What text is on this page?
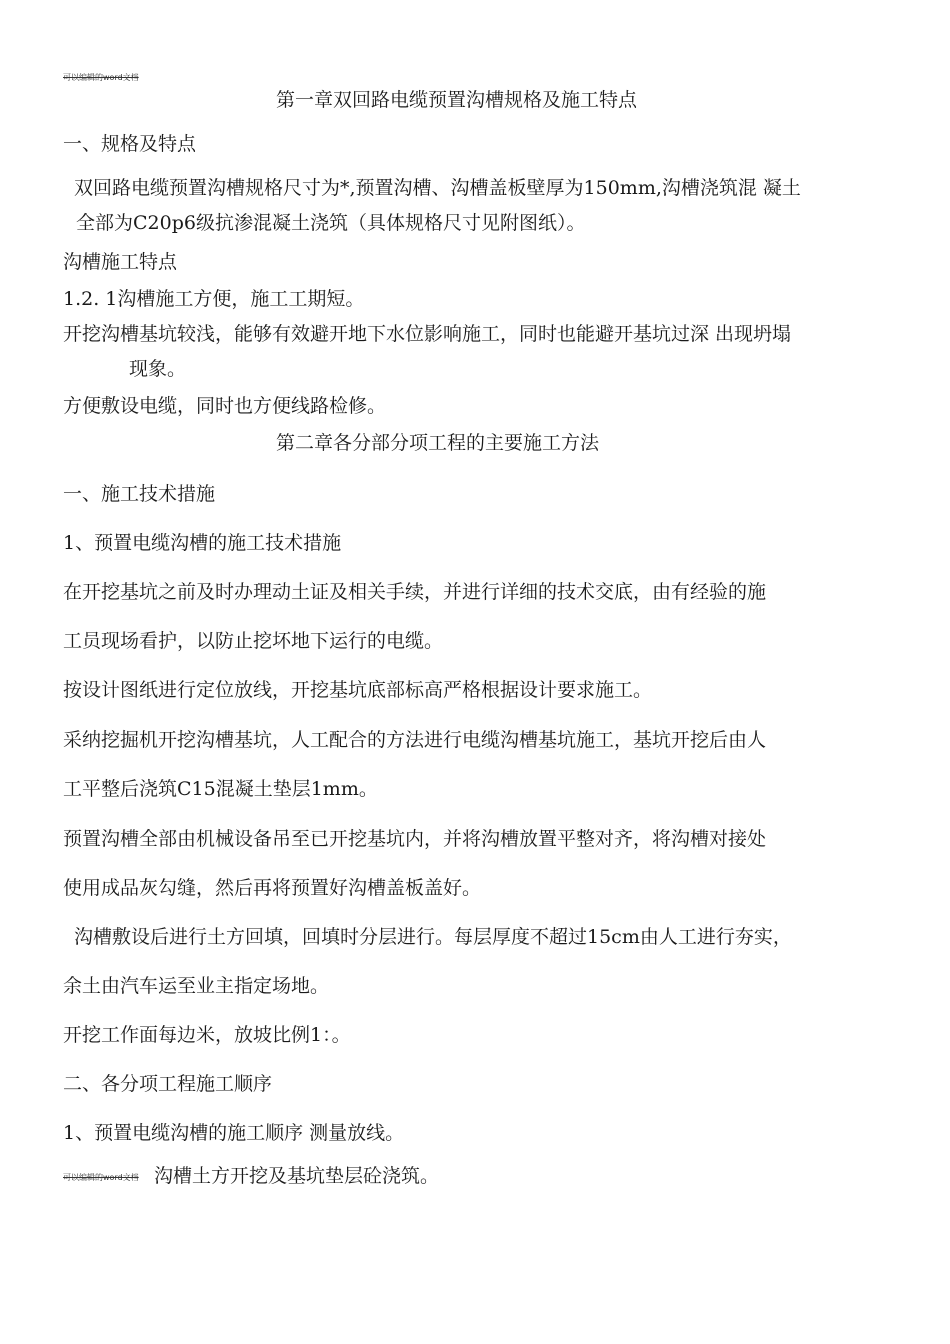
可以编辑的word文档
第一章双回路电缆预置沟槽规格及施工特点
一、规格及特点
双回路电缆预置沟槽规格尺寸为*,预置沟槽、沟槽盖板壁厚为150mm,沟槽浇筑混 凝土
全部为C20p6级抗渗混凝土浇筑（具体规格尺寸见附图纸）。
沟槽施工特点
1.2. 1沟槽施工方便，施工工期短。
开挖沟槽基坑较浅，能够有效避开地下水位影响施工，同时也能避开基坑过深 出现坍塌
现象。
方便敷设电缆，同时也方便线路检修。
第二章各分部分项工程的主要施工方法
一、施工技术措施
1、预置电缆沟槽的施工技术措施
在开挖基坑之前及时办理动土证及相关手续，并进行详细的技术交底，由有经验的施
工员现场看护，以防止挖坏地下运行的电缆。
按设计图纸进行定位放线，开挖基坑底部标高严格根据设计要求施工。
采纳挖掘机开挖沟槽基坑，人工配合的方法进行电缆沟槽基坑施工，基坑开挖后由人
工平整后浇筑C15混凝土垫层1mm。
预置沟槽全部由机械设备吊至已开挖基坑内，并将沟槽放置平整对齐，将沟槽对接处
使用成品灰勾缝，然后再将预置好沟槽盖板盖好。
沟槽敷设后进行土方回填，回填时分层进行。每层厚度不超过15cm由人工进行夯实，
余土由汽车运至业主指定场地。
开挖工作面每边米，放坡比例1：。
二、各分项工程施工顺序
1、预置电缆沟槽的施工顺序 测量放线。
可以编辑的word文档 沟槽土方开挖及基坑垫层砼浇筑。
